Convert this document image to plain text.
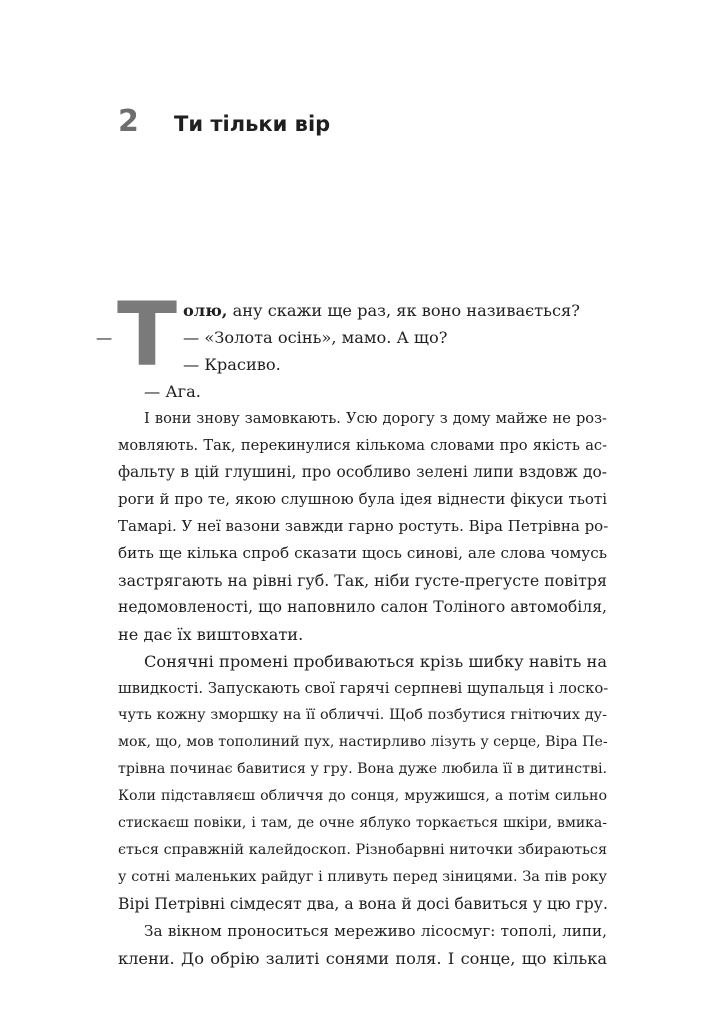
2 Ти тільки вір
Т олю, ану скажи ще раз, як воно називається?
—	— «Золота осінь», мамо. А що?
— Красиво.
— Ага.
І вони знову замовкають. Усю дорогу з дому майже не роз-
мовляють. Так, перекинулися кількома словами про якість ас-
фальту в цій глушині, про особливо зелені липи вздовж до-
роги й про те, якою слушною була ідея віднести фікуси тьоті
Тамарі. У неї вазони завжди гарно ростуть. Віра Петрівна ро-
бить ще кілька спроб сказати щось синові, але слова чомусь
застрягають на рівні губ. Так, ніби густе-прегусте повітря
недомовленості, що наповнило салон Толіного автомобіля,
не дає їх виштовхати.
Сонячні промені пробиваються крізь шибку навіть на
швидкості. Запускають свої гарячі серпневі щупальця і лоско-
чуть кожну зморшку на її обличчі. Щоб позбутися гнітючих ду-
мок, що, мов тополиний пух, настирливо лізуть у серце, Віра Пе-
трівна починає бавитися у гру. Вона дуже любила її в дитинстві.
Коли підставляєш обличчя до сонця, мружишся, а потім сильно
стискаєш повіки, і там, де очне яблуко торкається шкіри, вмика-
ється справжній калейдоскоп. Різнобарвні ниточки збираються
у сотні маленьких райдуг і пливуть перед зіницями. За пів року
Вірі Петрівні сімдесят два, а вона й досі бавиться у цю гру.
За вікном проноситься мереживо лісосмуг: тополі, липи,
клени. До обрію залиті сонями поля. І сонце, що кілька
